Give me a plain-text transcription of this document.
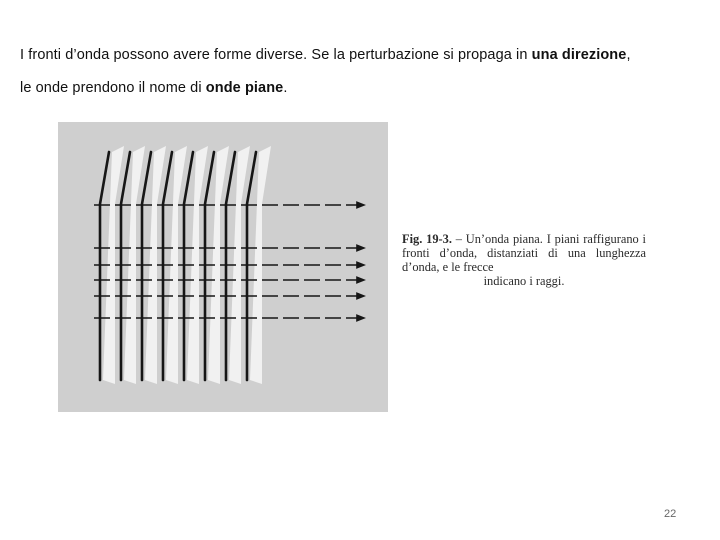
I fronti d’onda possono avere forme diverse. Se la perturbazione si propaga in una direzione,
le onde prendono il nome di onde piane.
Fig. 19-3. – Un’onda piana. I piani raffigurano i fronti d’onda, distanziati di una lunghezza d’onda, e le frecce
indicano i raggi.
22
